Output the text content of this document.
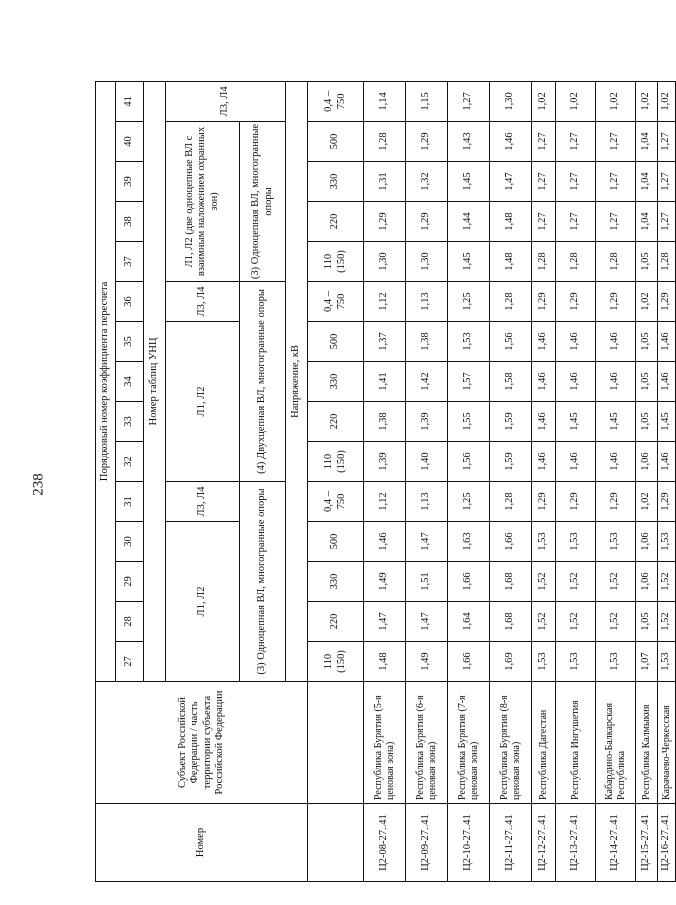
238
Номер	Субъект Российской Федерации / часть территории субъекта Российской Федерации	Порядковый номер коэффициента пересчета														
		27	28	29	30	31	32	33	34	35	36	37	38	39	40	41
		Номер таблиц УНЦ														
		Л1, Л2				Л3, Л4	Л1, Л2				Л3, Л4	Л1, Л2 (две одноцепные ВЛ с взаимным наложением охранных зон)				Л3, Л4
		(3) Одноцепная ВЛ, многогранные опоры					(4) Двухцепная ВЛ, многогранные опоры					(3) Одноцепная ВЛ, многогранные опоры				
		Напряжение, кВ														
		110 (150)	220	330	500	0,4 – 750	110 (150)	220	330	500	0,4 – 750	110 (150)	220	330	500	0,4 – 750
Ц2-08-27..41	Республика Бурятия (5-я ценовая зона)	1,48	1,47	1,49	1,46	1,12	1,39	1,38	1,41	1,37	1,12	1,30	1,29	1,31	1,28	1,14
Ц2-09-27..41	Республика Бурятия (6-я ценовая зона)	1,49	1,47	1,51	1,47	1,13	1,40	1,39	1,42	1,38	1,13	1,30	1,29	1,32	1,29	1,15
Ц2-10-27..41	Республика Бурятия (7-я ценовая зона)	1,66	1,64	1,66	1,63	1,25	1,56	1,55	1,57	1,53	1,25	1,45	1,44	1,45	1,43	1,27
Ц2-11-27..41	Республика Бурятия (8-я ценовая зона)	1,69	1,68	1,68	1,66	1,28	1,59	1,59	1,58	1,56	1,28	1,48	1,48	1,47	1,46	1,30
Ц2-12-27..41	Республика Дагестан	1,53	1,52	1,52	1,53	1,29	1,46	1,46	1,46	1,46	1,29	1,28	1,27	1,27	1,27	1,02
Ц2-13-27..41	Республика Ингушетия	1,53	1,52	1,52	1,53	1,29	1,46	1,45	1,46	1,46	1,29	1,28	1,27	1,27	1,27	1,02
Ц2-14-27..41	Кабардино-Балкарская Республика	1,53	1,52	1,52	1,53	1,29	1,46	1,45	1,46	1,46	1,29	1,28	1,27	1,27	1,27	1,02
Ц2-15-27..41	Республика Калмыкия	1,07	1,05	1,06	1,06	1,02	1,06	1,05	1,05	1,05	1,02	1,05	1,04	1,04	1,04	1,02
Ц2-16-27..41	Карачаево-Черкесская	1,53	1,52	1,52	1,53	1,29	1,46	1,45	1,46	1,46	1,29	1,28	1,27	1,27	1,27	1,02
